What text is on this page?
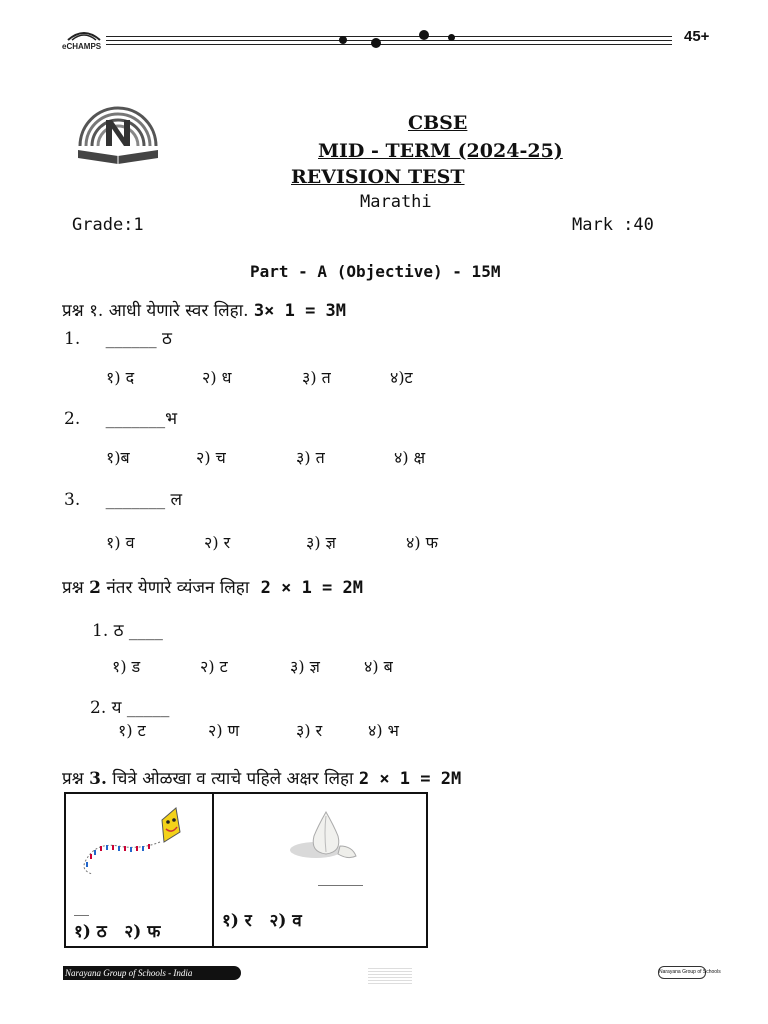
eCHAMPS
45+
CBSE
MID - TERM (2024-25)
REVISION TEST
Marathi
Grade:1	Mark :40
Part - A (Objective) - 15M
प्रश्न १. आधी येणारे स्वर लिहा. 3× 1 = 3M
1. ______ ठ
१) द	२) ध	३) त	४)ट
2. _______भ
१)ब	२) च	३) त	४) क्ष
3. _______ ल
१) व	२) र	३) ज्ञ	४) फ
प्रश्न 2 नंतर येणारे व्यंजन लिहा 2 × 1 = 2M
1. ठ ____
१) ड	२) ट	३) ज्ञ	४) ब
2. य _____
१) ट	२) ण	३) र	४) भ
प्रश्न 3. चित्रे ओळखा व त्याचे पहिले अक्षर लिहा 2 × 1 = 2M
__
१) ठ   २) फ

______
१) र   २) व
Narayana Group of Schools - India	Narayana Group of Schools
